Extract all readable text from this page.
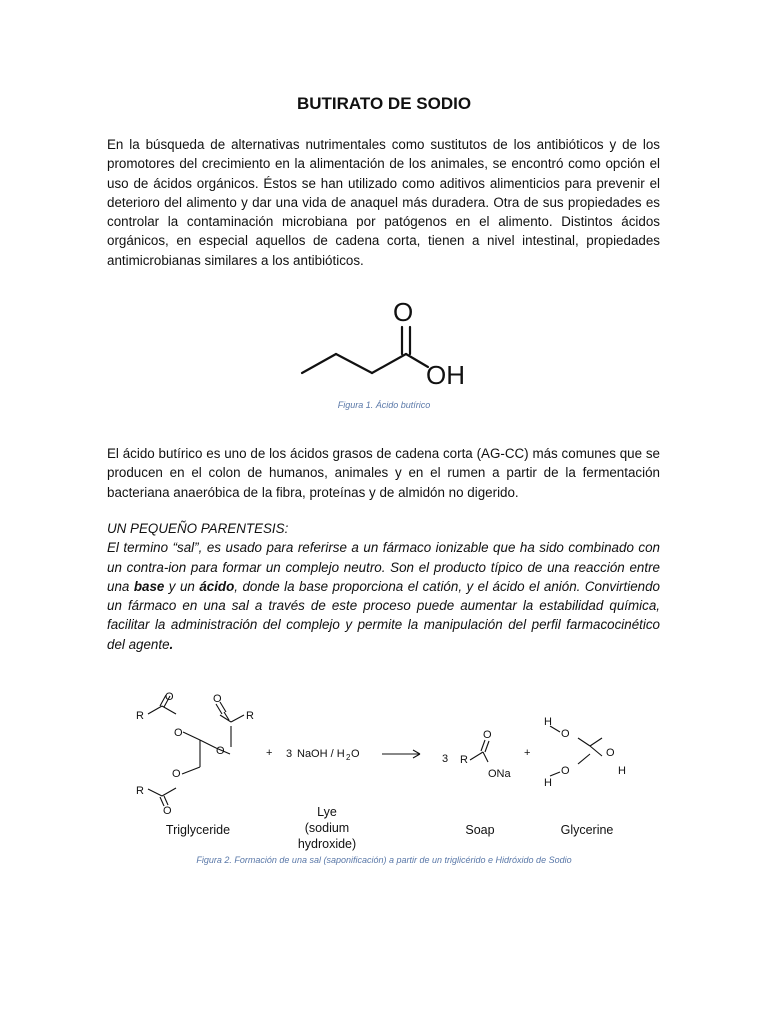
BUTIRATO DE SODIO

En la búsqueda de alternativas nutrimentales como sustitutos de los antibióticos y de los promotores del crecimiento en la alimentación de los animales, se encontró como opción el uso de ácidos orgánicos. Éstos se han utilizado como aditivos alimenticios para prevenir el deterioro del alimento y dar una vida de anaquel más duradera. Otra de sus propiedades es controlar la contaminación microbiana por patógenos en el alimento. Distintos ácidos orgánicos, en especial aquellos de cadena corta, tienen a nivel intestinal, propiedades antimicrobianas similares a los antibióticos.

O
OH

Figura 1. Ácido butírico

El ácido butírico es uno de los ácidos grasos de cadena corta (AG-CC) más comunes que se producen en el colon de humanos, animales y en el rumen a partir de la fermentación bacteriana anaeróbica de la fibra, proteínas y de almidón no digerido.

UN PEQUEÑO PARENTESIS:

El termino “sal”, es usado para referirse a un fármaco ionizable que ha sido combinado con un contra-ion para formar un complejo neutro. Son el producto típico de una reacción entre una base y un ácido, donde la base proporciona el catión, y el ácido el anión. Convirtiendo un fármaco en una sal a través de este proceso puede aumentar la estabilidad química, facilitar la administración del complejo y permite la manipulación del perfil farmacocinético del agente.

R
O
O
O
R
O
O
R
O
+ 3 NaOH / H 2 O	3 R
O
ONa
+
H
O
O
H
O
H
Triglyceride
Lye
(sodium
hydroxide)
Soap	Glycerine

Figura 2. Formación de una sal (saponificación) a partir de un triglicérido e Hidróxido de Sodio
